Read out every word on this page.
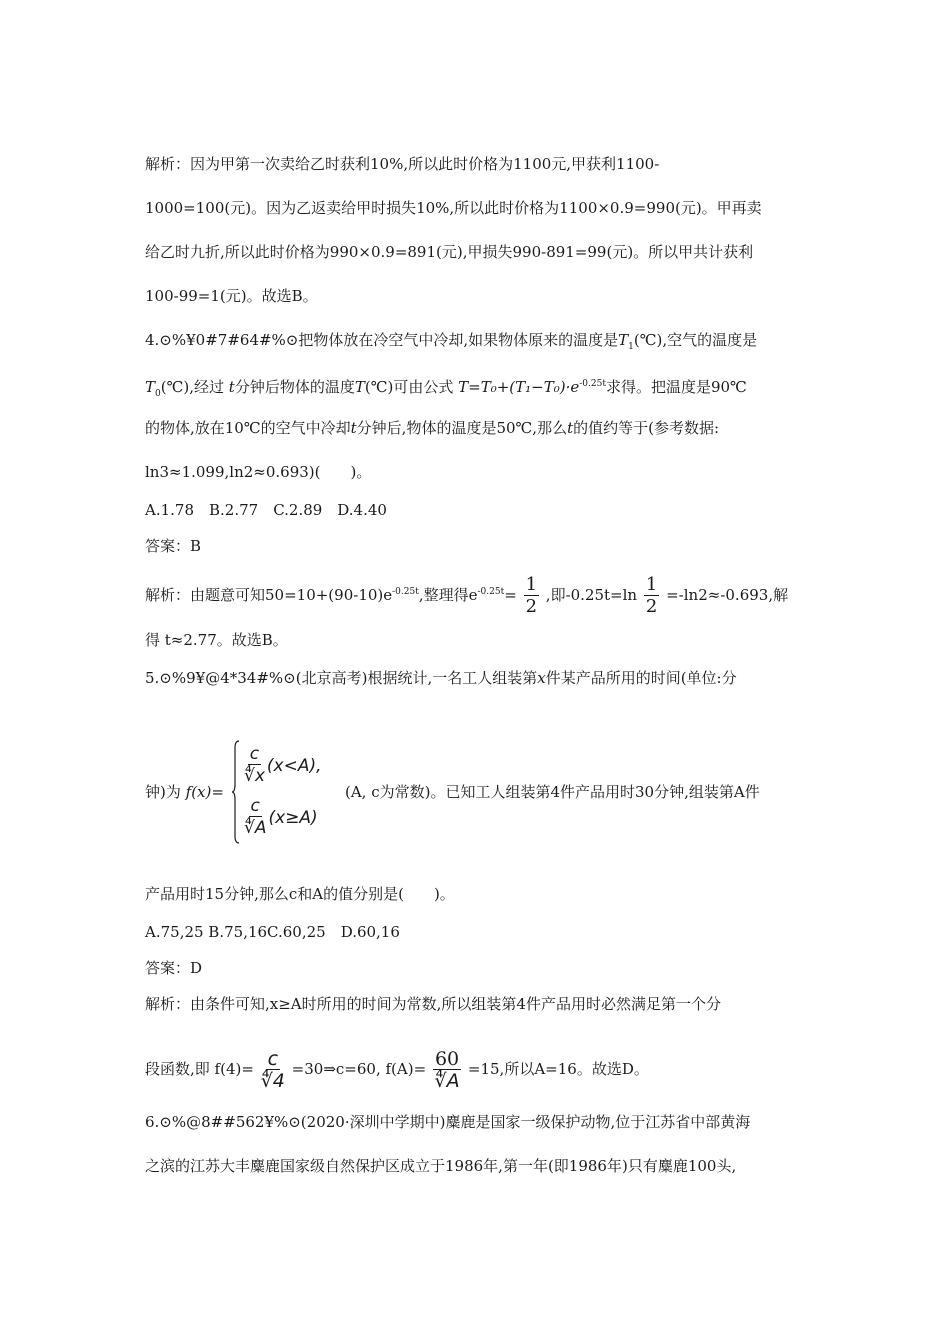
解析：因为甲第一次卖给乙时获利10%,所以此时价格为1100元,甲获利1100-
1000=100(元)。因为乙返卖给甲时损失10%,所以此时价格为1100×0.9=990(元)。甲再卖
给乙时九折,所以此时价格为990×0.9=891(元),甲损失990-891=99(元)。所以甲共计获利
100-99=1(元)。故选B。
4.⊙%¥0#7#64#%⊙把物体放在冷空气中冷却,如果物体原来的温度是$T_1(℃)$,空气的温度是
$T_0(℃)$,经过 t分钟后物体的温度T(℃)可由公式 $T=T_0+(T_1-T_0)\cdot e^{-0.25t}$求得。把温度是90℃
的物体,放在10℃的空气中冷却t分钟后,物体的温度是50℃,那么t的值约等于(参考数据:
ln3≈1.099,ln2≈0.693)(　　)。
A.1.78　B.2.77　C.2.89　D.4.40
答案：B
解析：由题意可知$50=10+(90-10)e^{-0.25t}$,整理得$e^{-0.25t}= \frac{1}{2}$ ,即$-0.25t=\ln \frac{1}{2} =-\ln 2\approx-0.693$,解
得 t≈2.77。故选B。
5.⊙%9¥@4*34#%⊙(北京高考)根据统计,一名工人组装第x件某产品所用的时间(单位:分
钟)为 f(x)=
$\frac{c}{∜x} (x<A)$,
$\frac{c}{∜A} (x\ge A)$
(A, c为常数)。已知工人组装第4件产品用时30分钟,组装第A件
产品用时15分钟,那么c和A的值分别是(　　)。
A.75,25 B.75,16C.60,25　D.60,16
答案：D
解析：由条件可知,x≥A时所用的时间为常数,所以组装第4件产品用时必然满足第一个分
段函数,即 $f(4)= \frac{c}{∜4}$ =30⇒c=60, $f(A)= \frac{60}{∜A} =15$,所以A=16。故选D。
6.⊙%@8##562¥%⊙(2020·深圳中学期中)麋鹿是国家一级保护动物,位于江苏省中部黄海
之滨的江苏大丰麋鹿国家级自然保护区成立于1986年,第一年(即1986年)只有麋鹿100头,
